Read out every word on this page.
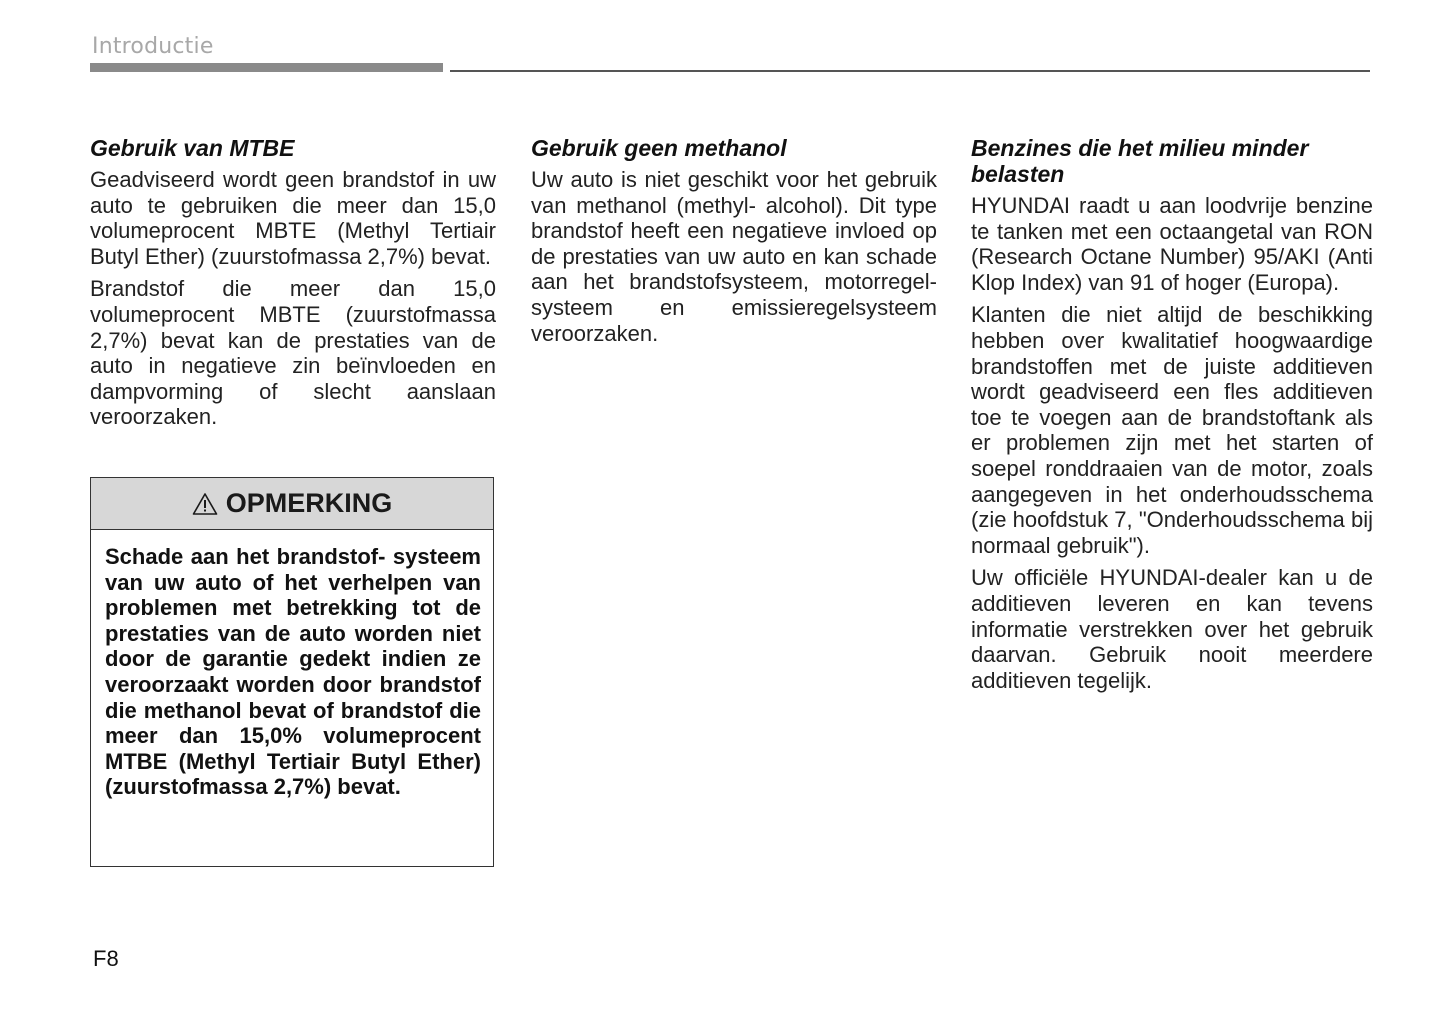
Introductie
Gebruik van MTBE

Geadviseerd wordt geen brandstof in uw auto te gebruiken die meer dan 15,0 volumeprocent MBTE (Methyl Tertiair Butyl Ether) (zuurstofmassa 2,7%) bevat.

Brandstof die meer dan 15,0 volumeprocent MBTE (zuurstofmassa 2,7%) bevat kan de prestaties van de auto in negatieve zin beïnvloeden en dampvorming of slecht aanslaan veroorzaken.

OPMERKING
Schade aan het brandstof- systeem van uw auto of het verhelpen van problemen met betrekking tot de prestaties van de auto worden niet door de garantie gedekt indien ze veroorzaakt worden door brandstof die methanol bevat of brandstof die meer dan 15,0% volumeprocent MTBE (Methyl Tertiair Butyl Ether) (zuurstofmassa 2,7%) bevat.
Gebruik geen methanol

Uw auto is niet geschikt voor het gebruik van methanol (methyl- alcohol). Dit type brandstof heeft een negatieve invloed op de prestaties van uw auto en kan schade aan het brandstofsysteem, motorregel- systeem en emissieregelsysteem veroorzaken.

Benzines die het milieu minder belasten

HYUNDAI raadt u aan loodvrije benzine te tanken met een octaangetal van RON (Research Octane Number) 95/AKI (Anti Klop Index) van 91 of hoger (Europa).

Klanten die niet altijd de beschikking hebben over kwalitatief hoogwaardige brandstoffen met de juiste additieven wordt geadviseerd een fles additieven toe te voegen aan de brandstoftank als er problemen zijn met het starten of soepel ronddraaien van de motor, zoals aangegeven in het onderhoudsschema (zie hoofdstuk 7, "Onderhoudsschema bij normaal gebruik").

Uw officiële HYUNDAI-dealer kan u de additieven leveren en kan tevens informatie verstrekken over het gebruik daarvan. Gebruik nooit meerdere additieven tegelijk.

F8
